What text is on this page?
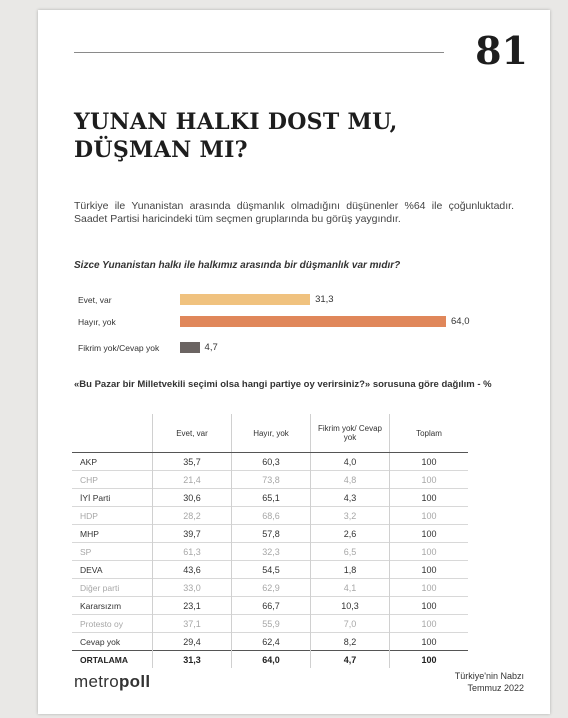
81
YUNAN HALKI DOST MU,
DÜŞMAN MI?
Türkiye ile Yunanistan arasında düşmanlık olmadığını düşünenler %64 ile çoğunluktadır. Saadet Partisi haricindeki tüm seçmen gruplarında bu görüş yaygındır.
Sizce Yunanistan halkı ile halkımız arasında bir düşmanlık var mıdır?
Evet, var	31,3
Hayır, yok	64,0
Fikrim yok/Cevap yok	4,7
«Bu Pazar bir Milletvekili seçimi olsa hangi partiye oy verirsiniz?» sorusuna göre dağılım - %
	Evet, var	Hayır, yok	Fikrim yok/ Cevap yok	Toplam
AKP	35,7	60,3	4,0	100
CHP	21,4	73,8	4,8	100
İYİ Parti	30,6	65,1	4,3	100
HDP	28,2	68,6	3,2	100
MHP	39,7	57,8	2,6	100
SP	61,3	32,3	6,5	100
DEVA	43,6	54,5	1,8	100
Diğer parti	33,0	62,9	4,1	100
Kararsızım	23,1	66,7	10,3	100
Protesto oy	37,1	55,9	7,0	100
Cevap yok	29,4	62,4	8,2	100
ORTALAMA	31,3	64,0	4,7	100
metropoll	Türkiye'nin Nabzı
Temmuz 2022
